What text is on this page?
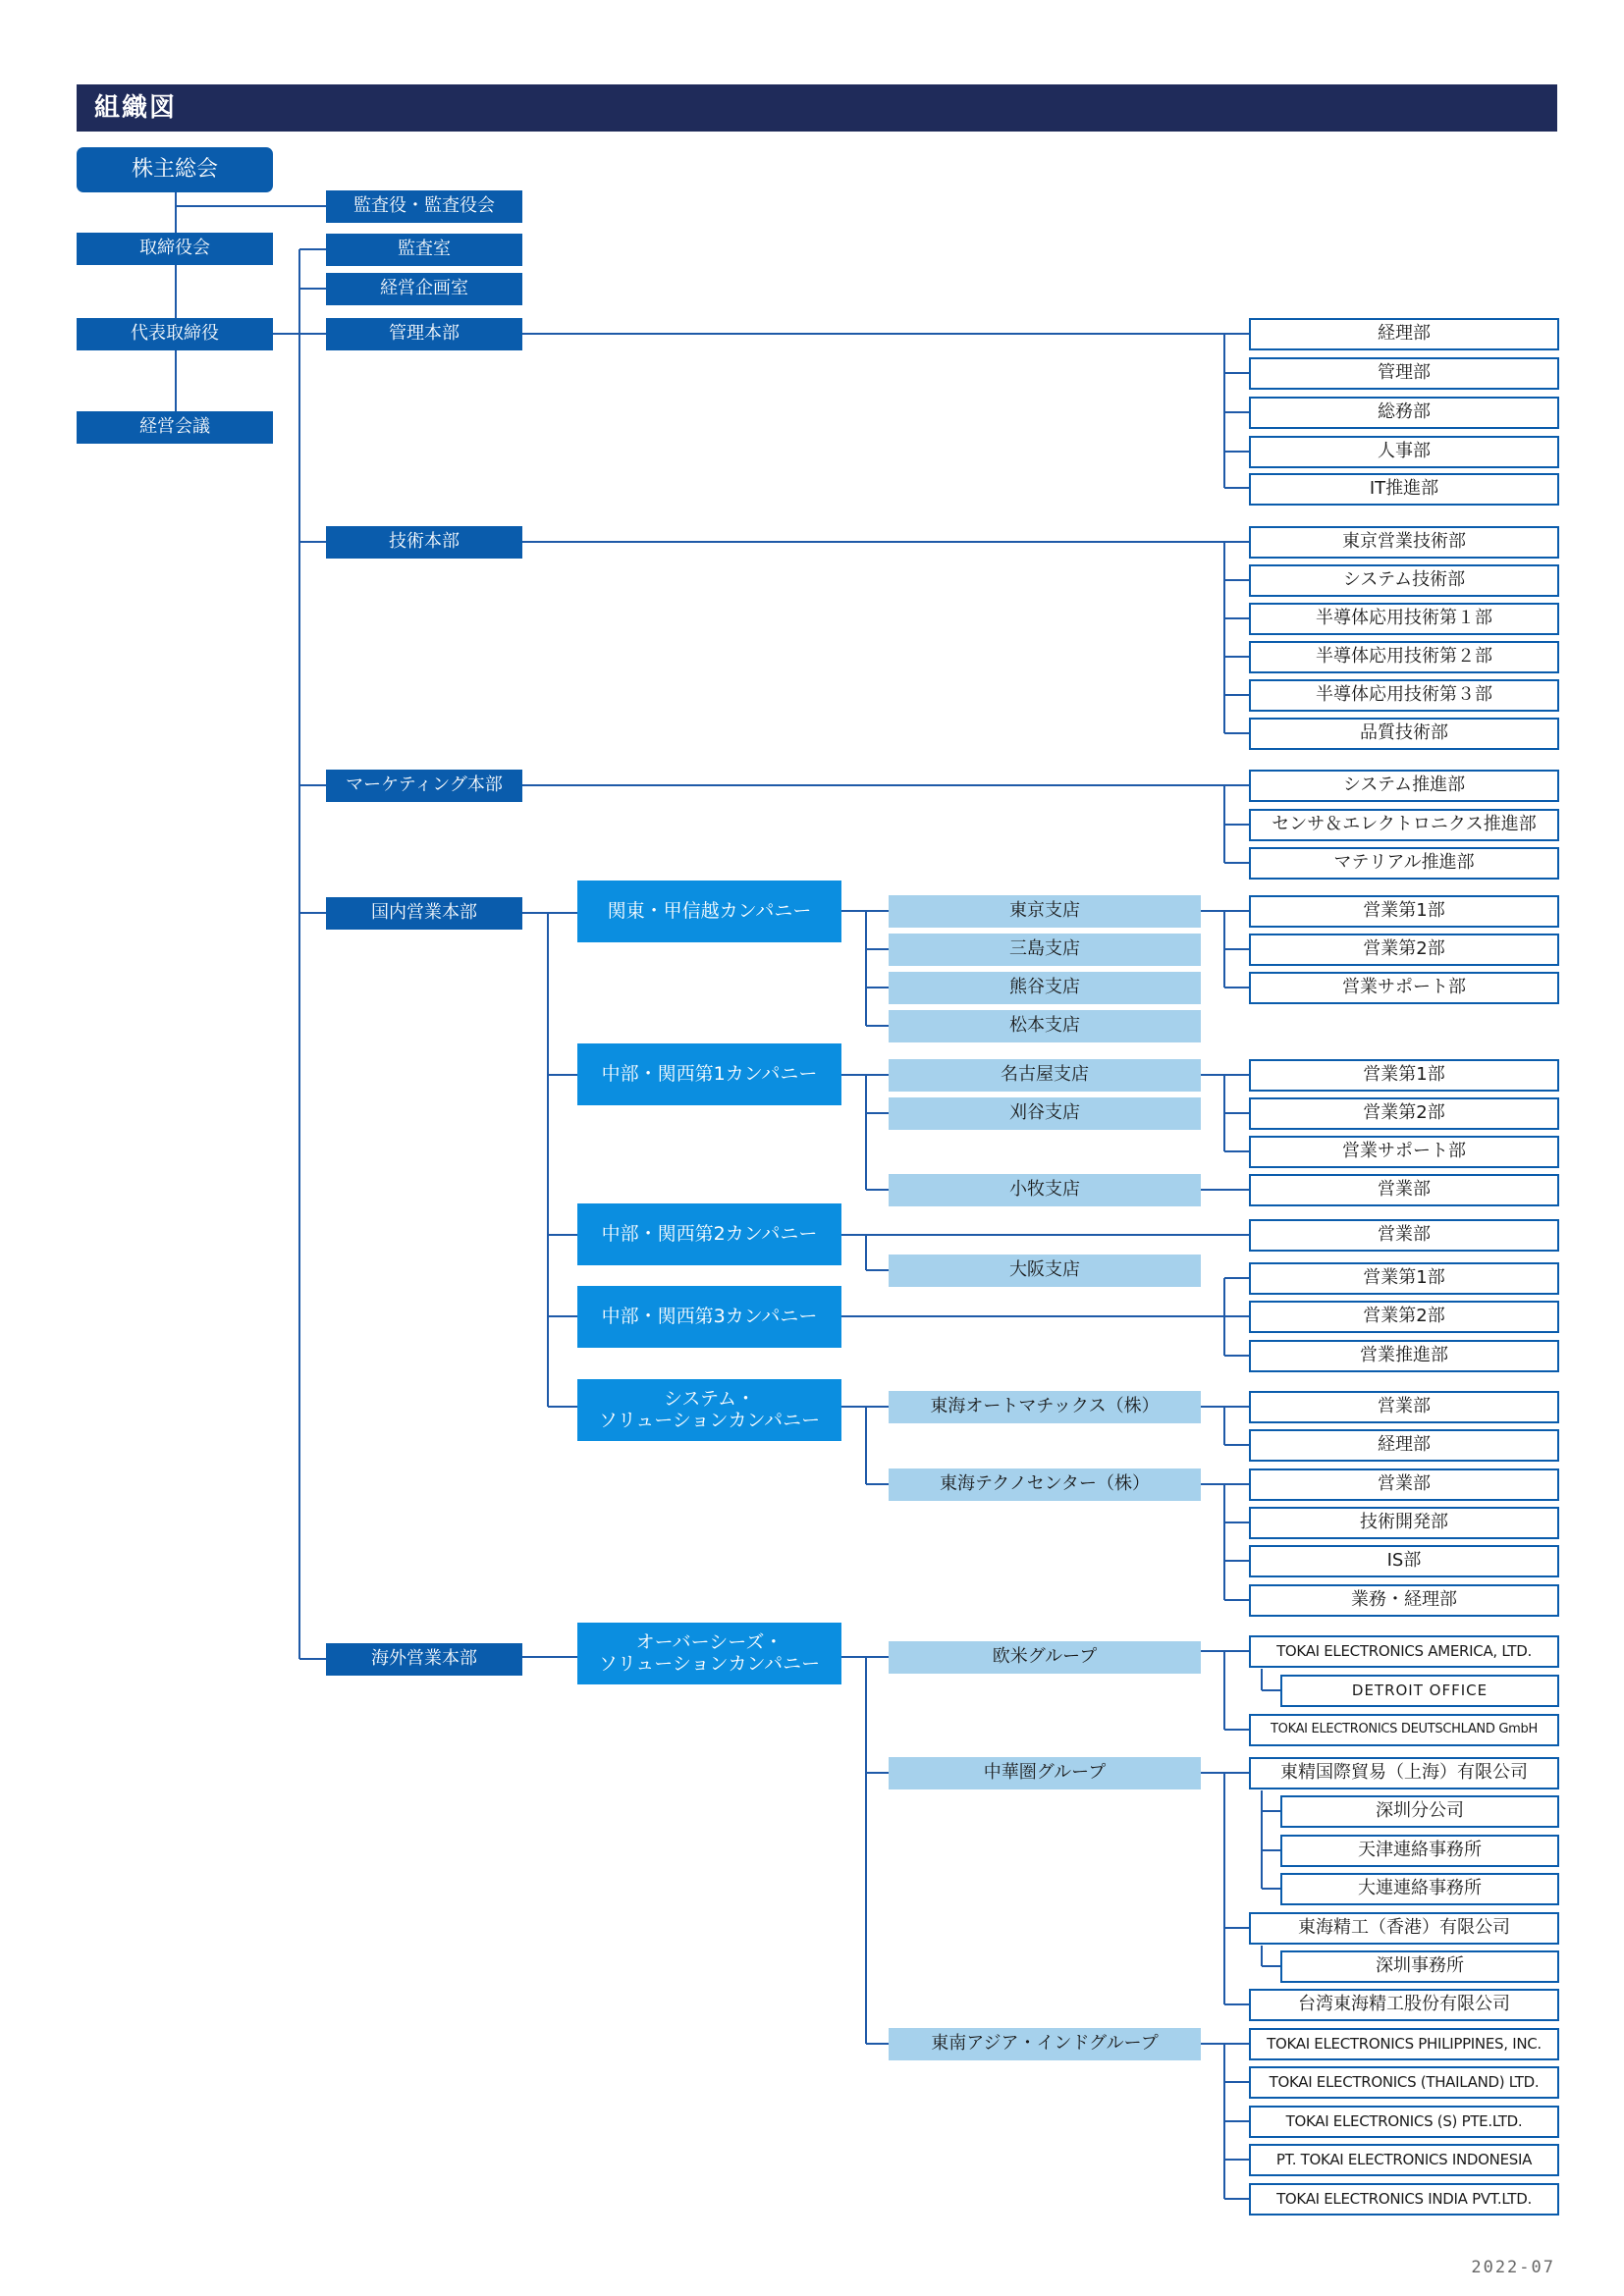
組織図
株主総会
取締役会
代表取締役
経営会議
監査役・監査役会
監査室
経営企画室
管理本部
技術本部
マーケティング本部
国内営業本部
海外営業本部
経理部
管理部
総務部
人事部
IT推進部
東京営業技術部
システム技術部
半導体応用技術第１部
半導体応用技術第２部
半導体応用技術第３部
品質技術部
システム推進部
センサ＆エレクトロニクス推進部
マテリアル推進部
関東・甲信越カンパニー
中部・関西第1カンパニー
中部・関西第2カンパニー
中部・関西第3カンパニー
システム・
ソリューションカンパニー
オーバーシーズ・
ソリューションカンパニー
東京支店
三島支店
熊谷支店
松本支店
営業第1部
営業第2部
営業サポート部
名古屋支店
刈谷支店
小牧支店
営業第1部
営業第2部
営業サポート部
営業部
営業部
大阪支店	営業第1部
営業第2部
営業推進部
東海オートマチックス（株）
東海テクノセンター（株）
営業部
経理部
営業部
技術開発部
IS部
業務・経理部
欧米グループ
中華圏グループ
東南アジア・インドグループ
TOKAI ELECTRONICS AMERICA, LTD.
DETROIT OFFICE
TOKAI ELECTRONICS DEUTSCHLAND GmbH
東精国際貿易（上海）有限公司
深圳分公司
天津連絡事務所
大連連絡事務所
東海精工（香港）有限公司
深圳事務所
台湾東海精工股份有限公司
TOKAI ELECTRONICS PHILIPPINES, INC.
TOKAI ELECTRONICS (THAILAND) LTD.
TOKAI ELECTRONICS (S) PTE.LTD.
PT. TOKAI ELECTRONICS INDONESIA
TOKAI ELECTRONICS INDIA PVT.LTD.
2022-07
